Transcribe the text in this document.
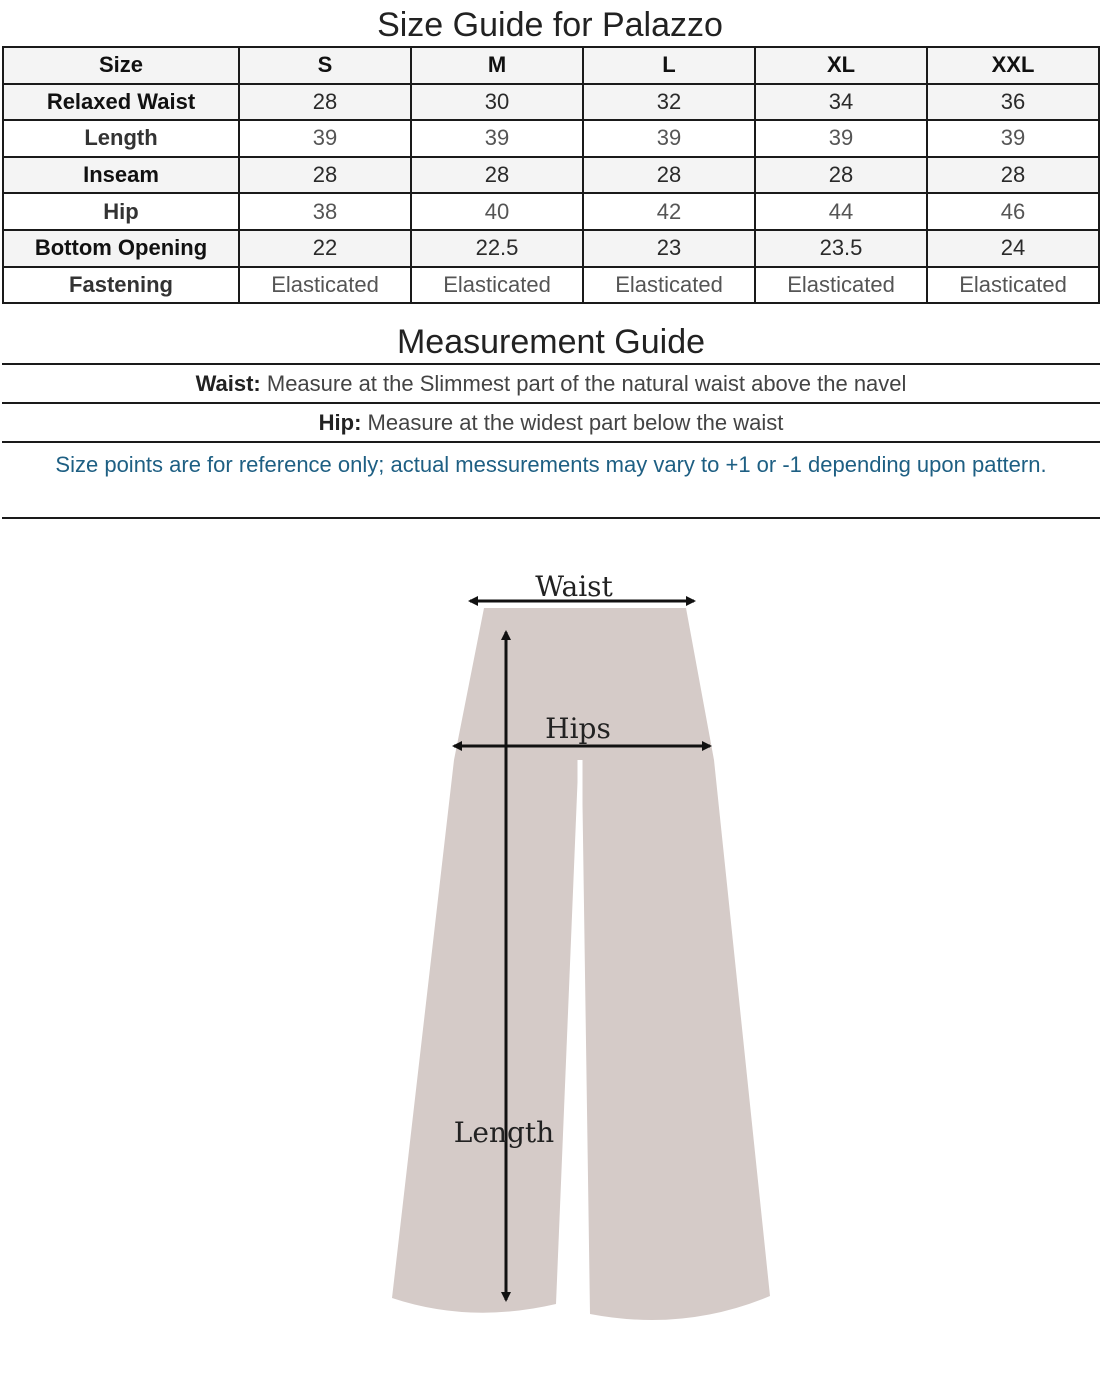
Size Guide for Palazzo
Size	S	M	L	XL	XXL
Relaxed Waist	28	30	32	34	36
Length	39	39	39	39	39
Inseam	28	28	28	28	28
Hip	38	40	42	44	46
Bottom Opening	22	22.5	23	23.5	24
Fastening	Elasticated	Elasticated	Elasticated	Elasticated	Elasticated
Measurement Guide
Waist: Measure at the Slimmest part of the natural waist above the navel
Hip: Measure at the widest part below the waist
Size points are for reference only; actual messurements may vary to +1 or -1 depending upon pattern.
Waist
Hips
Length
